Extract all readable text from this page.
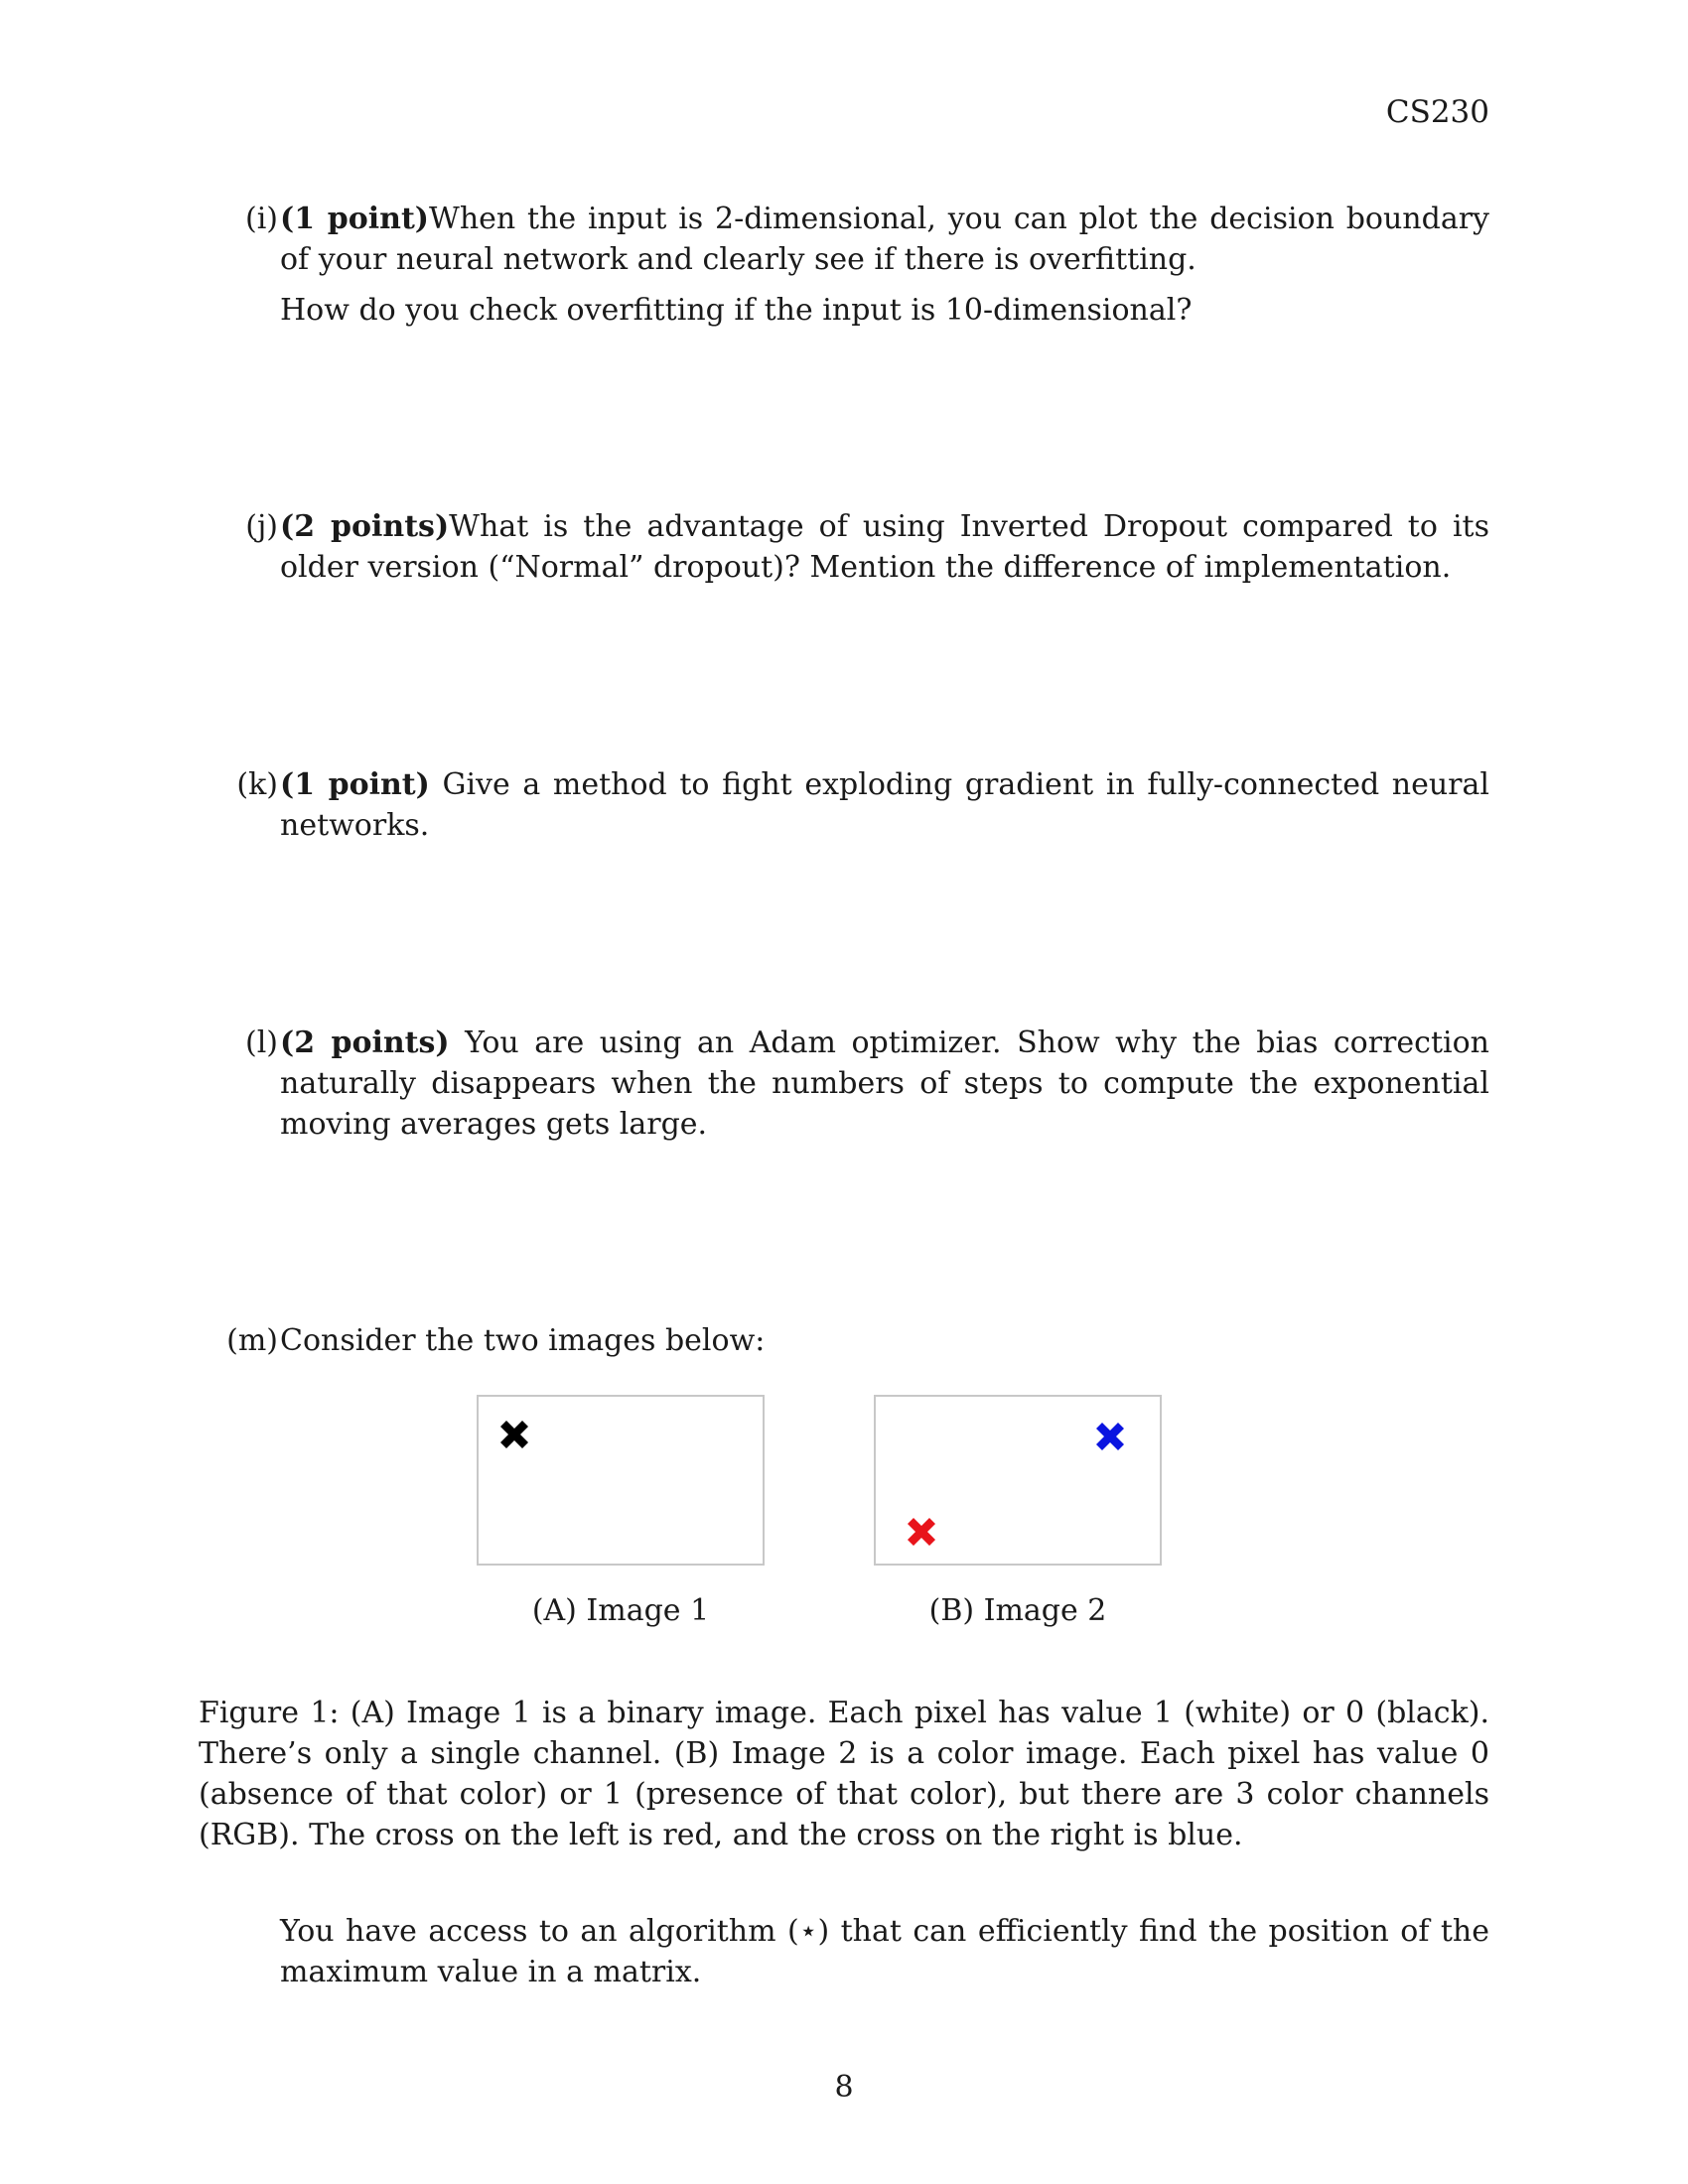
CS230
(i) (1 point)When the input is 2-dimensional, you can plot the decision boundary of your neural network and clearly see if there is overfitting.

How do you check overfitting if the input is 10-dimensional?

(j) (2 points)What is the advantage of using Inverted Dropout compared to its older version (“Normal” dropout)? Mention the difference of implementation.

(k) (1 point) Give a method to fight exploding gradient in fully-connected neural networks.

(l) (2 points) You are using an Adam optimizer. Show why the bias correction naturally disappears when the numbers of steps to compute the exponential moving averages gets large.

(m) Consider the two images below:

(A) Image 1	(B) Image 2
Figure 1: (A) Image 1 is a binary image. Each pixel has value 1 (white) or 0 (black). There’s only a single channel. (B) Image 2 is a color image. Each pixel has value 0 (absence of that color) or 1 (presence of that color), but there are 3 color channels (RGB). The cross on the left is red, and the cross on the right is blue.
You have access to an algorithm (⋆) that can efficiently find the position of the maximum value in a matrix.
8
